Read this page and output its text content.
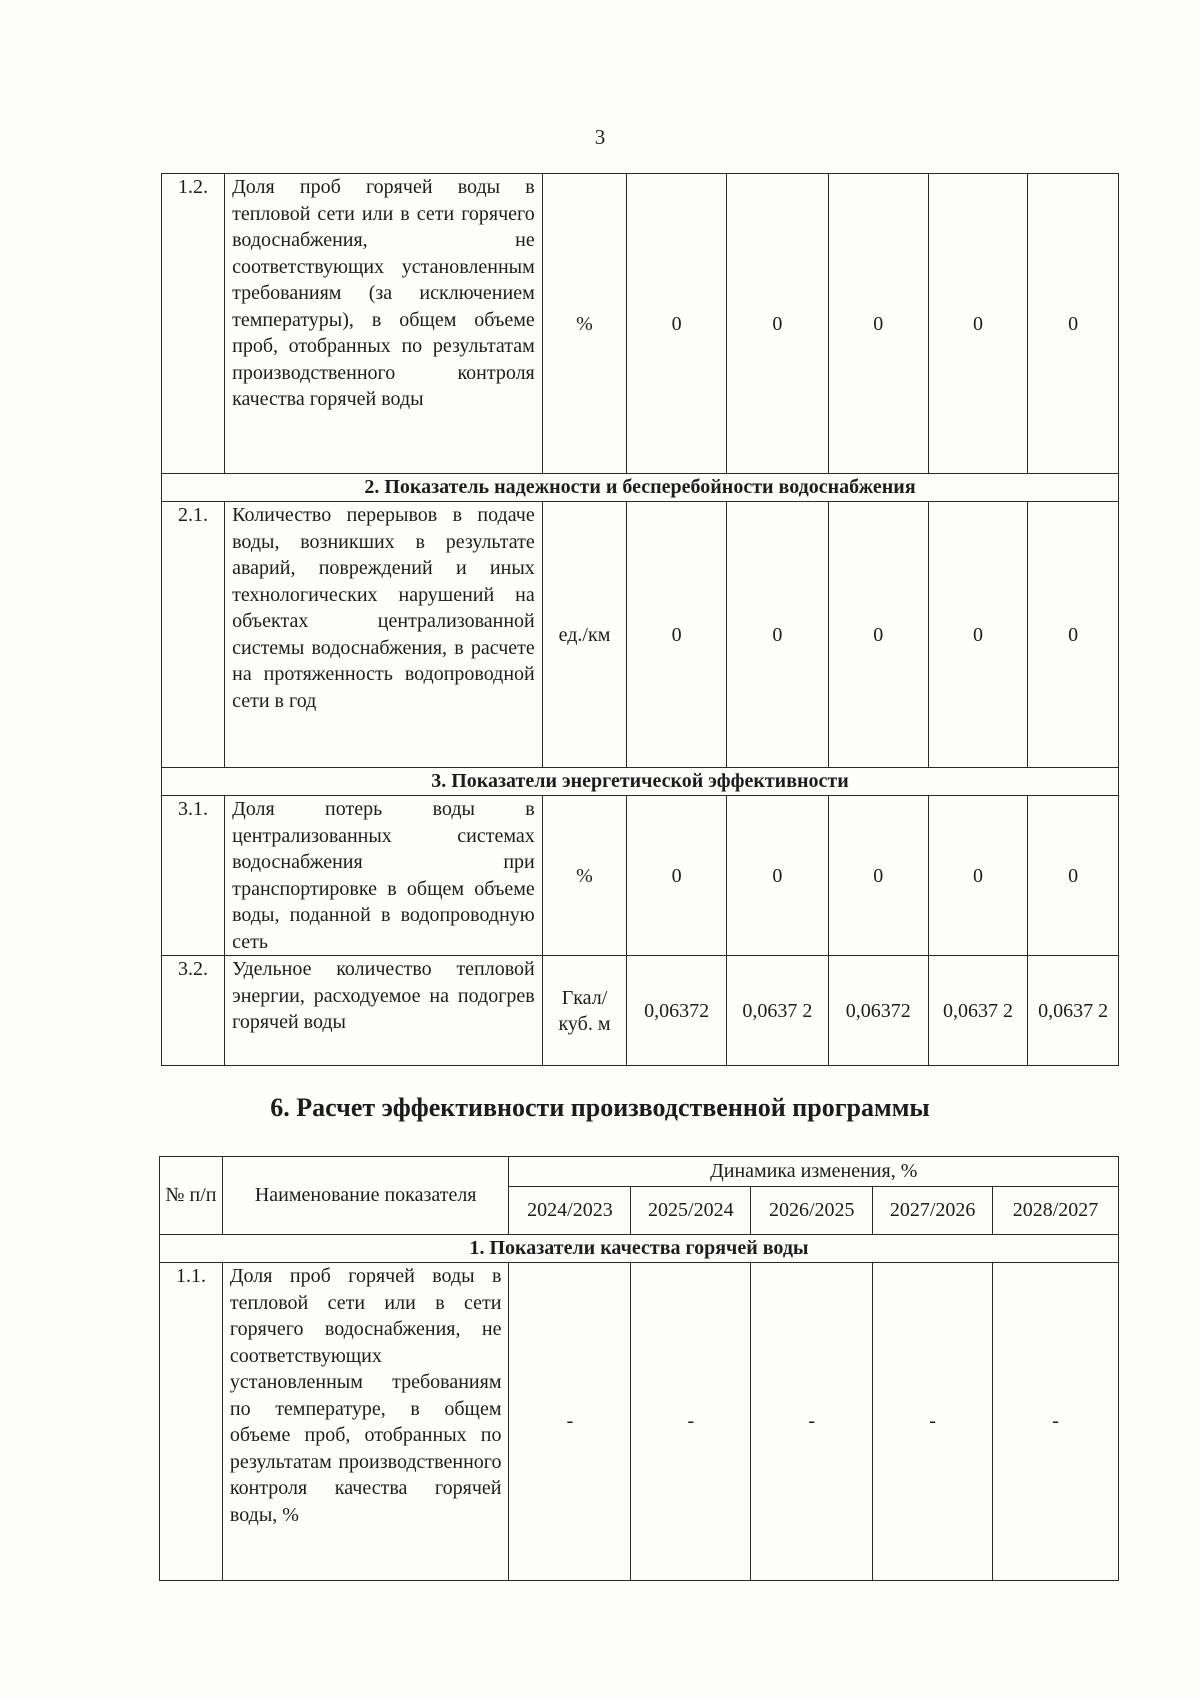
3
1.2.	Доля проб горячей воды в тепловой сети или в сети горячего водоснабжения, не соответствующих установленным требованиям (за исключением температуры), в общем объеме проб, отобранных по результатам производственного контроля качества горячей воды	%	0	0	0	0	0
2. Показатель надежности и бесперебойности водоснабжения							
2.1.	Количество перерывов в подаче воды, возникших в результате аварий, повреждений и иных технологических нарушений на объектах централизованной системы водоснабжения, в расчете на протяженность водопроводной сети в год	ед./км	0	0	0	0	0
3. Показатели энергетической эффективности							
3.1.	Доля потерь воды в централизованных системах водоснабжения при транспортировке в общем объеме воды, поданной в водопроводную сеть	%	0	0	0	0	0
3.2.	Удельное количество тепловой энергии, расходуемое на подогрев горячей воды	Гкал/ куб. м	0,06372	0,0637 2	0,06372	0,0637 2	0,0637 2
6. Расчет эффективности производственной программы
№ п/п	Наименование показателя	Динамика изменения, %				
		2024/2023	2025/2024	2026/2025	2027/2026	2028/2027
1. Показатели качества горячей воды						
1.1.	Доля проб горячей воды в тепловой сети или в сети горячего водоснабжения, не соответствующих установленным требованиям по температуре, в общем объеме проб, отобранных по результатам производственного контроля качества горячей воды, %	-	-	-	-	-
